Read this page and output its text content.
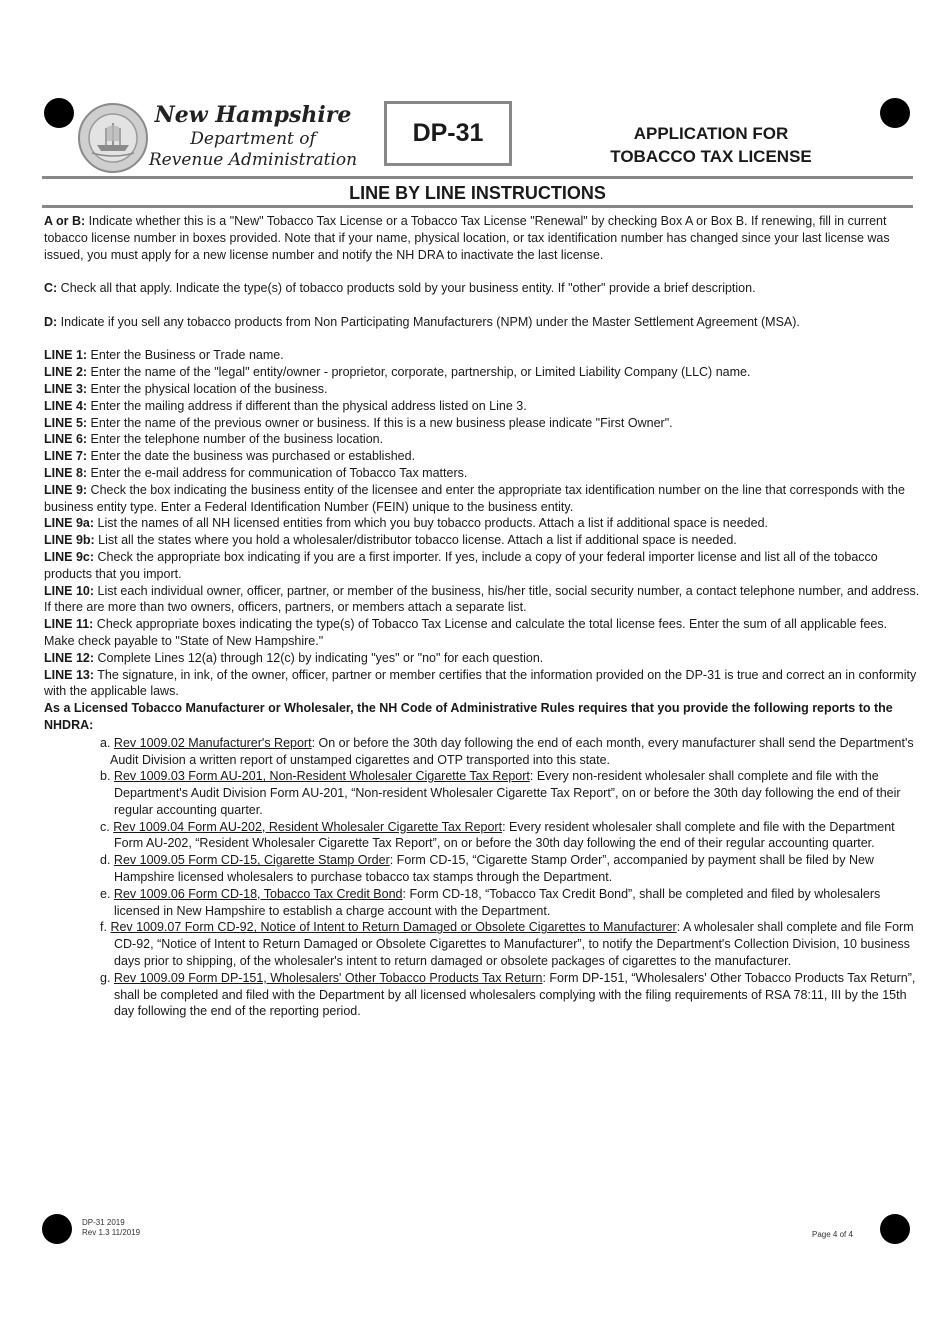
New Hampshire
Department of
Revenue Administration
DP-31	APPLICATION FOR
TOBACCO TAX LICENSE
LINE BY LINE INSTRUCTIONS

A or B: Indicate whether this is a "New" Tobacco Tax License or a Tobacco Tax License "Renewal" by checking Box A or Box B. If renewing, fill in current tobacco license number in boxes provided. Note that if your name, physical location, or tax identification number has changed since your last license was issued, you must apply for a new license number and notify the NH DRA to inactivate the last license.

C: Check all that apply. Indicate the type(s) of tobacco products sold by your business entity. If "other" provide a brief description.

D: Indicate if you sell any tobacco products from Non Participating Manufacturers (NPM) under the Master Settlement Agreement (MSA).

LINE 1: Enter the Business or Trade name.

LINE 2: Enter the name of the "legal" entity/owner - proprietor, corporate, partnership, or Limited Liability Company (LLC) name.

LINE 3: Enter the physical location of the business.

LINE 4: Enter the mailing address if different than the physical address listed on Line 3.

LINE 5: Enter the name of the previous owner or business. If this is a new business please indicate "First Owner".

LINE 6: Enter the telephone number of the business location.

LINE 7: Enter the date the business was purchased or established.

LINE 8: Enter the e-mail address for communication of Tobacco Tax matters.

LINE 9: Check the box indicating the business entity of the licensee and enter the appropriate tax identification number on the line that corresponds with the business entity type. Enter a Federal Identification Number (FEIN) unique to the business entity.

LINE 9a: List the names of all NH licensed entities from which you buy tobacco products. Attach a list if additional space is needed.

LINE 9b: List all the states where you hold a wholesaler/distributor tobacco license. Attach a list if additional space is needed.

LINE 9c: Check the appropriate box indicating if you are a first importer. If yes, include a copy of your federal importer license and list all of the tobacco products that you import.

LINE 10: List each individual owner, officer, partner, or member of the business, his/her title, social security number, a contact telephone number, and address. If there are more than two owners, officers, partners, or members attach a separate list.

LINE 11: Check appropriate boxes indicating the type(s) of Tobacco Tax License and calculate the total license fees. Enter the sum of all applicable fees. Make check payable to "State of New Hampshire."

LINE 12: Complete Lines 12(a) through 12(c) by indicating "yes" or "no" for each question.

LINE 13: The signature, in ink, of the owner, officer, partner or member certifies that the information provided on the DP-31 is true and correct an in conformity with the applicable laws.

As a Licensed Tobacco Manufacturer or Wholesaler, the NH Code of Administrative Rules requires that you provide the following reports to the NHDRA:

a. Rev 1009.02 Manufacturer's Report: On or before the 30th day following the end of each month, every manufacturer shall send the Department's Audit Division a written report of unstamped cigarettes and OTP transported into this state.

b. Rev 1009.03 Form AU-201, Non-Resident Wholesaler Cigarette Tax Report: Every non-resident wholesaler shall complete and file with the Department's Audit Division Form AU-201, “Non-resident Wholesaler Cigarette Tax Report”, on or before the 30th day following the end of their regular accounting quarter.

c. Rev 1009.04 Form AU-202, Resident Wholesaler Cigarette Tax Report: Every resident wholesaler shall complete and file with the Department Form AU-202, “Resident Wholesaler Cigarette Tax Report”, on or before the 30th day following the end of their regular accounting quarter.

d. Rev 1009.05 Form CD-15, Cigarette Stamp Order: Form CD-15, “Cigarette Stamp Order”, accompanied by payment shall be filed by New Hampshire licensed wholesalers to purchase tobacco tax stamps through the Department.

e. Rev 1009.06 Form CD-18, Tobacco Tax Credit Bond: Form CD-18, “Tobacco Tax Credit Bond”, shall be completed and filed by wholesalers licensed in New Hampshire to establish a charge account with the Department.

f. Rev 1009.07 Form CD-92, Notice of Intent to Return Damaged or Obsolete Cigarettes to Manufacturer: A wholesaler shall complete and file Form CD-92, “Notice of Intent to Return Damaged or Obsolete Cigarettes to Manufacturer”, to notify the Department's Collection Division, 10 business days prior to shipping, of the wholesaler's intent to return damaged or obsolete packages of cigarettes to the manufacturer.

g. Rev 1009.09 Form DP-151, Wholesalers' Other Tobacco Products Tax Return: Form DP-151, “Wholesalers' Other Tobacco Products Tax Return”, shall be completed and filed with the Department by all licensed wholesalers complying with the filing requirements of RSA 78:11, III by the 15th day following the end of the reporting period.

DP-31 2019
Rev 1.3 11/2019	Page 4 of 4
